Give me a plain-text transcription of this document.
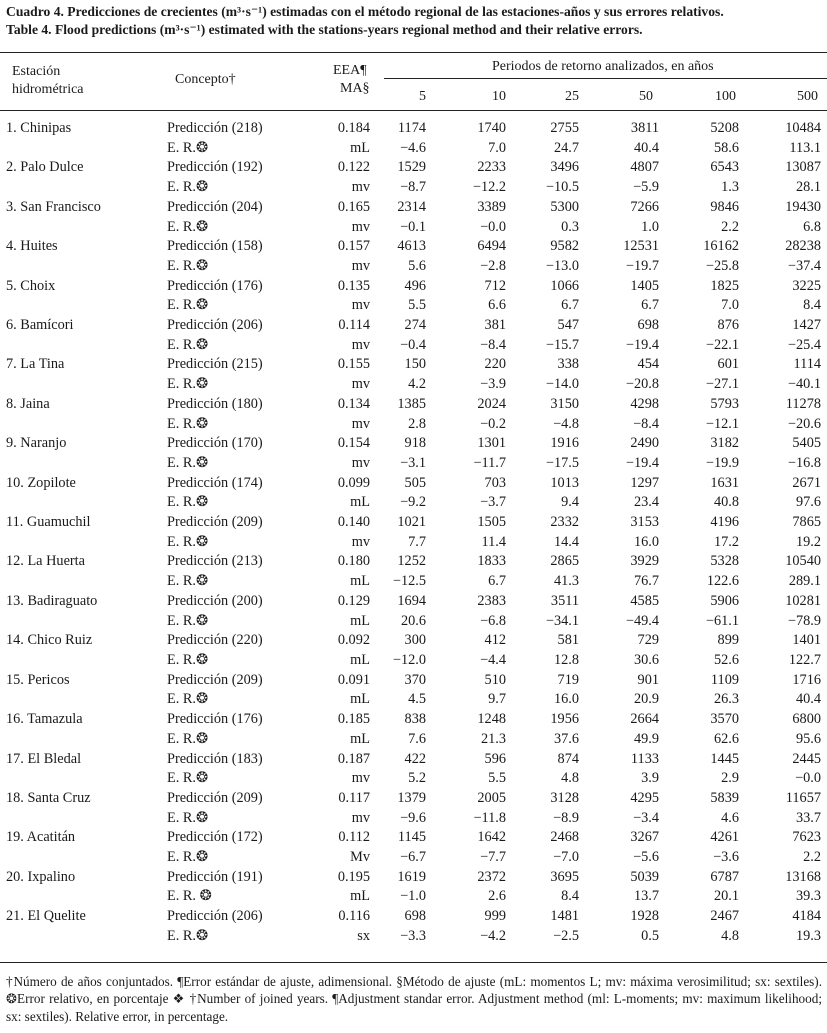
Cuadro 4. Predicciones de crecientes (m³·s⁻¹) estimadas con el método regional de las estaciones-años y sus errores relativos.
Table 4. Flood predictions (m³·s⁻¹) estimated with the stations-years regional method and their relative errors.
Estación
hidrométrica
Concepto†
EEA¶
MA§
Periodos de retorno analizados, en años
5	10	25	50	100	500
1. Chinipas	Predicción (218)	0.184	1174	1740	2755	3811	5208	10484
	E. R.❂	mL	−4.6	7.0	24.7	40.4	58.6	113.1
2. Palo Dulce	Predicción (192)	0.122	1529	2233	3496	4807	6543	13087
	E. R.❂	mv	−8.7	−12.2	−10.5	−5.9	1.3	28.1
3. San Francisco	Predicción (204)	0.165	2314	3389	5300	7266	9846	19430
	E. R.❂	mv	−0.1	−0.0	0.3	1.0	2.2	6.8
4. Huites	Predicción (158)	0.157	4613	6494	9582	12531	16162	28238
	E. R.❂	mv	5.6	−2.8	−13.0	−19.7	−25.8	−37.4
5. Choix	Predicción (176)	0.135	496	712	1066	1405	1825	3225
	E. R.❂	mv	5.5	6.6	6.7	6.7	7.0	8.4
6. Bamícori	Predicción (206)	0.114	274	381	547	698	876	1427
	E. R.❂	mv	−0.4	−8.4	−15.7	−19.4	−22.1	−25.4
7. La Tina	Predicción (215)	0.155	150	220	338	454	601	1114
	E. R.❂	mv	4.2	−3.9	−14.0	−20.8	−27.1	−40.1
8. Jaina	Predicción (180)	0.134	1385	2024	3150	4298	5793	11278
	E. R.❂	mv	2.8	−0.2	−4.8	−8.4	−12.1	−20.6
9. Naranjo	Predicción (170)	0.154	918	1301	1916	2490	3182	5405
	E. R.❂	mv	−3.1	−11.7	−17.5	−19.4	−19.9	−16.8
10. Zopilote	Predicción (174)	0.099	505	703	1013	1297	1631	2671
	E. R.❂	mL	−9.2	−3.7	9.4	23.4	40.8	97.6
11. Guamuchil	Predicción (209)	0.140	1021	1505	2332	3153	4196	7865
	E. R.❂	mv	7.7	11.4	14.4	16.0	17.2	19.2
12. La Huerta	Predicción (213)	0.180	1252	1833	2865	3929	5328	10540
	E. R.❂	mL	−12.5	6.7	41.3	76.7	122.6	289.1
13. Badiraguato	Predicción (200)	0.129	1694	2383	3511	4585	5906	10281
	E. R.❂	mL	20.6	−6.8	−34.1	−49.4	−61.1	−78.9
14. Chico Ruiz	Predicción (220)	0.092	300	412	581	729	899	1401
	E. R.❂	mL	−12.0	−4.4	12.8	30.6	52.6	122.7
15. Pericos	Predicción (209)	0.091	370	510	719	901	1109	1716
	E. R.❂	mL	4.5	9.7	16.0	20.9	26.3	40.4
16. Tamazula	Predicción (176)	0.185	838	1248	1956	2664	3570	6800
	E. R.❂	mL	7.6	21.3	37.6	49.9	62.6	95.6
17. El Bledal	Predicción (183)	0.187	422	596	874	1133	1445	2445
	E. R.❂	mv	5.2	5.5	4.8	3.9	2.9	−0.0
18. Santa Cruz	Predicción (209)	0.117	1379	2005	3128	4295	5839	11657
	E. R.❂	mv	−9.6	−11.8	−8.9	−3.4	4.6	33.7
19. Acatitán	Predicción (172)	0.112	1145	1642	2468	3267	4261	7623
	E. R.❂	Mv	−6.7	−7.7	−7.0	−5.6	−3.6	2.2
20. Ixpalino	Predicción (191)	0.195	1619	2372	3695	5039	6787	13168
	E. R. ❂	mL	−1.0	2.6	8.4	13.7	20.1	39.3
21. El Quelite	Predicción (206)	0.116	698	999	1481	1928	2467	4184
	E. R.❂	sx	−3.3	−4.2	−2.5	0.5	4.8	19.3
†Número de años conjuntados. ¶Error estándar de ajuste, adimensional. §Método de ajuste (mL: momentos L; mv: máxima verosimilitud; sx: sextiles). ❂Error relativo, en porcentaje ❖ †Number of joined years. ¶Adjustment standar error. Adjustment method (ml: L-moments; mv: maximum likelihood; sx: sextiles). Relative error, in percentage.
